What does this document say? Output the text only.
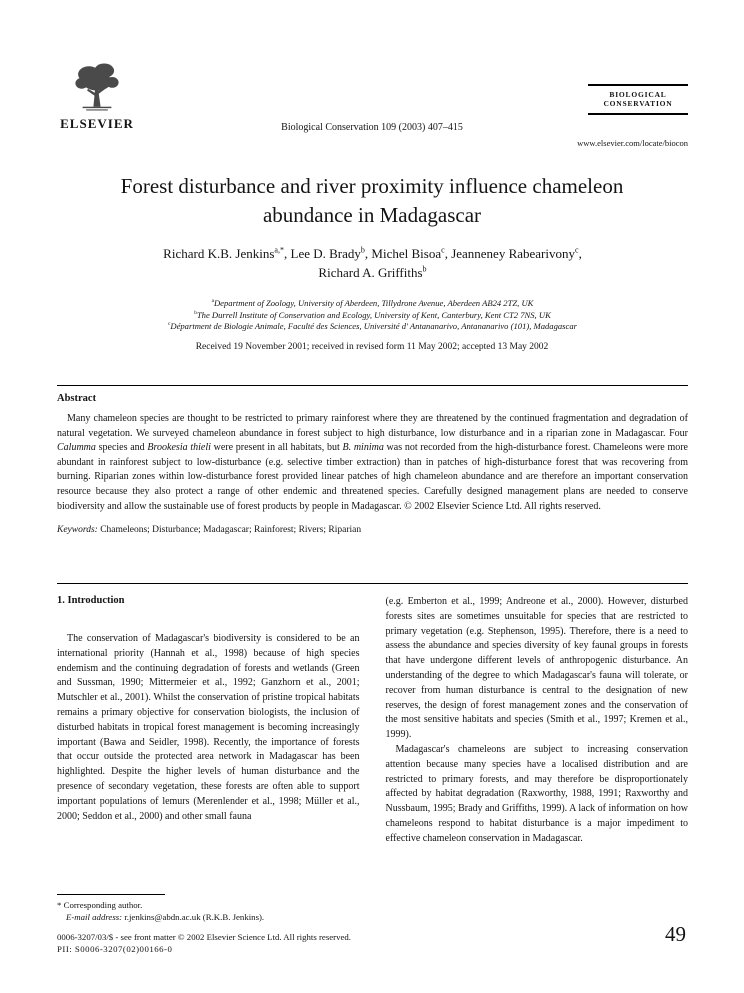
ELSEVIER	Biological Conservation 109 (2003) 407–415
BIOLOGICAL
CONSERVATION
www.elsevier.com/locate/biocon
Forest disturbance and river proximity influence chameleon abundance in Madagascar
Richard K.B. Jenkins$^{a,*}$, Lee D. Brady$^b$, Michel Bisoa$^c$, Jeanneney Rabearivony$^c$,
Richard A. Griffiths$^b$
$^a$Department of Zoology, University of Aberdeen, Tillydrone Avenue, Aberdeen AB24 2TZ, UK
$^b$The Durrell Institute of Conservation and Ecology, University of Kent, Canterbury, Kent CT2 7NS, UK
$^c$Départment de Biologie Animale, Faculté des Sciences, Université d' Antananarivo, Antananarivo (101), Madagascar
Received 19 November 2001; received in revised form 11 May 2002; accepted 13 May 2002
Abstract

Many chameleon species are thought to be restricted to primary rainforest where they are threatened by the continued fragmentation and degradation of natural vegetation. We surveyed chameleon abundance in forest subject to high disturbance, low disturbance and in a riparian zone in Madagascar. Four Calumma species and Brookesia thieli were present in all habitats, but B. minima was not recorded from the high-disturbance forest. Chameleons were more abundant in rainforest subject to low-disturbance (e.g. selective timber extraction) than in patches of high-disturbance forest that was recovering from burning. Riparian zones within low-disturbance forest provided linear patches of high chameleon abundance and are therefore an important conservation resource because they also protect a range of other endemic and threatened species. Carefully designed management plans are needed to conserve biodiversity and allow the sustainable use of forest products by people in Madagascar. © 2002 Elsevier Science Ltd. All rights reserved.

Keywords: Chameleons; Disturbance; Madagascar; Rainforest; Rivers; Riparian

1. Introduction

The conservation of Madagascar's biodiversity is considered to be an international priority (Hannah et al., 1998) because of high species endemism and the continuing degradation of forests and wetlands (Green and Sussman, 1990; Mittermeier et al., 1992; Ganzhorn et al., 2001; Mutschler et al., 2001). Whilst the conservation of pristine tropical habitats remains a primary objective for conservation biologists, the inclusion of disturbed habitats in tropical forest management is becoming increasingly important (Bawa and Seidler, 1998). Recently, the importance of forests that occur outside the protected area network in Madagascar has been highlighted. Despite the higher levels of human disturbance and the presence of secondary vegetation, these forests are often able to support important populations of lemurs (Merenlender et al., 1998; Müller et al., 2000; Seddon et al., 2000) and other small fauna

(e.g. Emberton et al., 1999; Andreone et al., 2000). However, disturbed forests sites are sometimes unsuitable for species that are restricted to primary vegetation (e.g. Stephenson, 1995). Therefore, there is a need to assess the abundance and species diversity of key faunal groups in forests that have undergone different levels of anthropogenic disturbance. An understanding of the degree to which Madagascar's fauna will tolerate, or recover from human disturbance is central to the designation of new reserves, the design of forest management zones and the conservation of the most sensitive habitats and species (Smith et al., 1997; Kremen et al., 1999).

Madagascar's chameleons are subject to increasing conservation attention because many species have a localised distribution and are restricted to primary forests, and may therefore be disproportionately affected by habitat degradation (Raxworthy, 1988, 1991; Raxworthy and Nussbaum, 1995; Brady and Griffiths, 1999). A lack of information on how chameleons respond to habitat disturbance is a major impediment to effective chameleon conservation in Madagascar.

* Corresponding author.
E-mail address: r.jenkins@abdn.ac.uk (R.K.B. Jenkins).
0006-3207/03/$ - see front matter © 2002 Elsevier Science Ltd. All rights reserved.
PII: S0006-3207(02)00166-0
49
